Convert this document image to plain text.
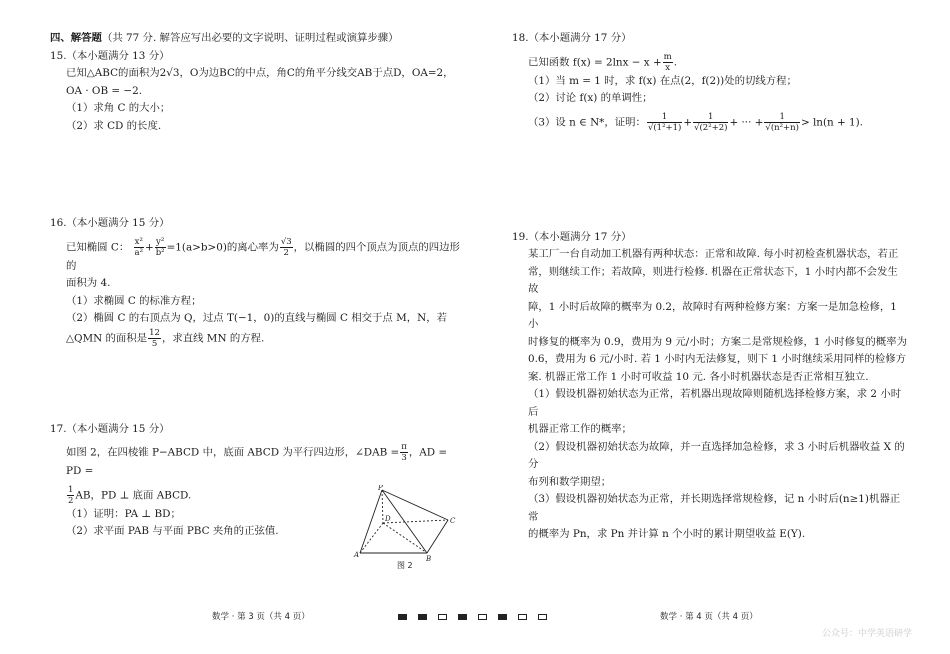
四、解答题（共 77 分. 解答应写出必要的文字说明、证明过程或演算步骤）
15.（本小题满分 13 分）
已知△ABC的面积为2√3，O为边BC的中点，角C的角平分线交AB于点D，OA=2，
OA · OB = −2.
（1）求角 C 的大小；
（2）求 CD 的长度.
16.（本小题满分 15 分）
已知椭圆 C： $\frac{\text{x²}}{\text{a²}} + \frac{\text{y²}}{\text{b²}} =1(a>b>0)$的离心率为 $\frac{√3}{2}$ ，以椭圆的四个顶点为顶点的四边形的
面积为 4.
（1）求椭圆 C 的标准方程；
（2）椭圆 C 的右顶点为 Q，过点 T(−1，0)的直线与椭圆 C 相交于点 M，N，若
△QMN 的面积是 $\frac{12}{5}$ ，求直线 MN 的方程.
17.（本小题满分 15 分）
如图 2，在四棱锥 P−ABCD 中，底面 ABCD 为平行四边形，∠DAB = $\frac{\pi}{3}$ ，AD = PD =
$\frac{1}{2}$ AB，PD ⊥ 底面 ABCD.
（1）证明：PA ⊥ BD；
（2）求平面 PAB 与平面 PBC 夹角的正弦值.
P
D	C
A	B
图 2
18.（本小题满分 17 分）
已知函数 $f(x) = 2\ln x - x + \frac{m}{x}$ .
（1）当 m = 1 时，求 f(x) 在点(2，f(2))处的切线方程；
（2）讨论 f(x) 的单调性；
（3）设 n ∈ N*，证明： $\frac{1}{\text{√(1²+1)}} + \frac{1}{\text{√(2²+2)}}$ + ··· + $\frac{1}{\text{√(n²+n)}} > \ln(n + 1)$.
19.（本小题满分 17 分）
某工厂一台自动加工机器有两种状态：正常和故障. 每小时初检查机器状态，若正
常，则继续工作；若故障，则进行检修. 机器在正常状态下，1 小时内都不会发生故
障，1 小时后故障的概率为 0.2，故障时有两种检修方案：方案一是加急检修，1 小
时修复的概率为 0.9，费用为 9 元/小时；方案二是常规检修，1 小时修复的概率为
0.6，费用为 6 元/小时. 若 1 小时内无法修复，则下 1 小时继续采用同样的检修方
案. 机器正常工作 1 小时可收益 10 元. 各小时机器状态是否正常相互独立.
（1）假设机器初始状态为正常，若机器出现故障则随机选择检修方案，求 2 小时后
机器正常工作的概率；
（2）假设机器初始状态为故障，并一直选择加急检修，求 3 小时后机器收益 X 的分
布列和数学期望；
（3）假设机器初始状态为正常，并长期选择常规检修，记 n 小时后(n≥1)机器正常
的概率为 Pn，求 Pn 并计算 n 个小时的累计期望收益 E(Y).
数学 · 第 3 页（共 4 页）	数学 · 第 4 页（共 4 页）
公众号：中学英语研学
